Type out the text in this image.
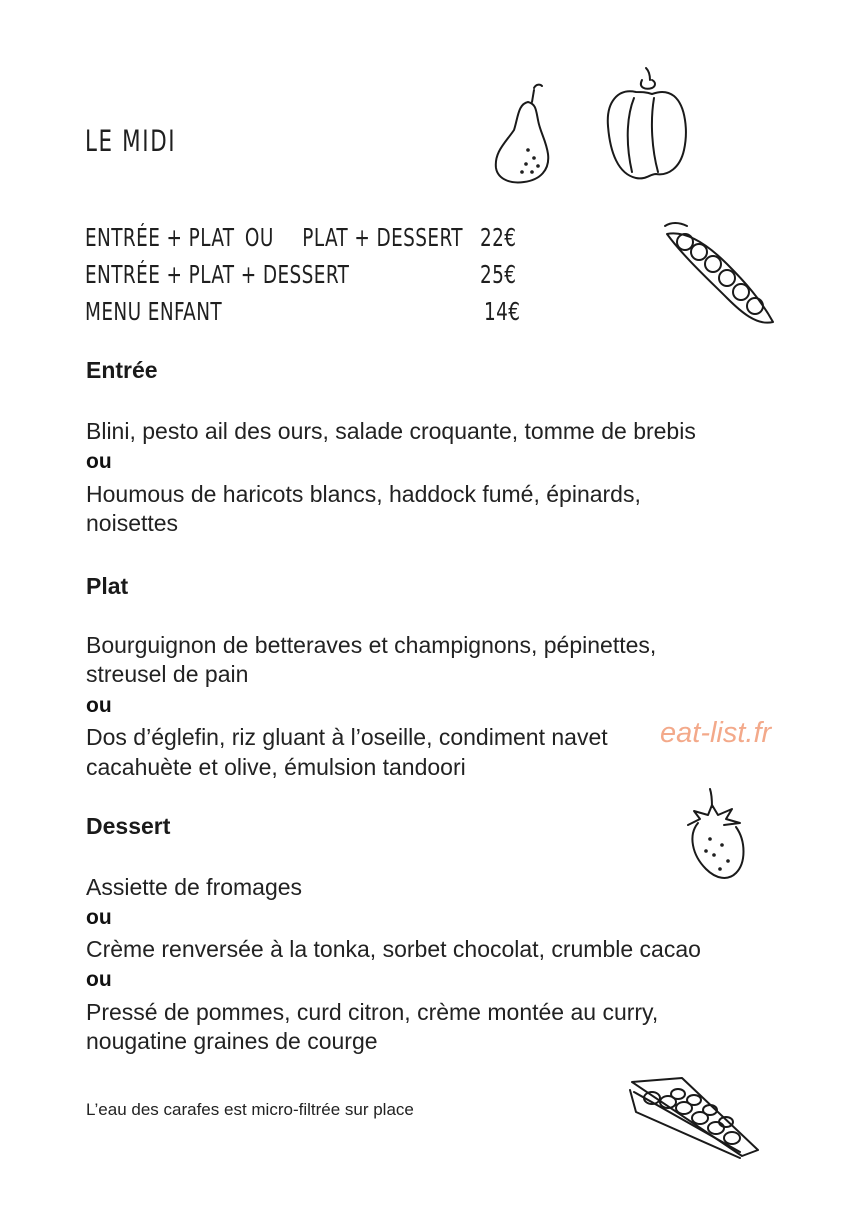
LE MIDI
ENTRÉE + PLAT OU PLAT + DESSERT 22€
ENTRÉE + PLAT + DESSERT	25€
MENU ENFANT	14€
Entrée
Blini, pesto ail des ours, salade croquante, tomme de brebis
ou
Houmous de haricots blancs, haddock fumé, épinards,
noisettes
Plat
Bourguignon de betteraves et champignons, pépinettes,
streusel de pain
ou
Dos d’églefin, riz gluant à l’oseille, condiment navet
cacahuète et olive, émulsion tandoori
Dessert
Assiette de fromages
ou
Crème renversée à la tonka, sorbet chocolat, crumble cacao
ou
Pressé de pommes, curd citron, crème montée au curry,
nougatine graines de courge
L’eau des carafes est micro-filtrée sur place
eat-list.fr
